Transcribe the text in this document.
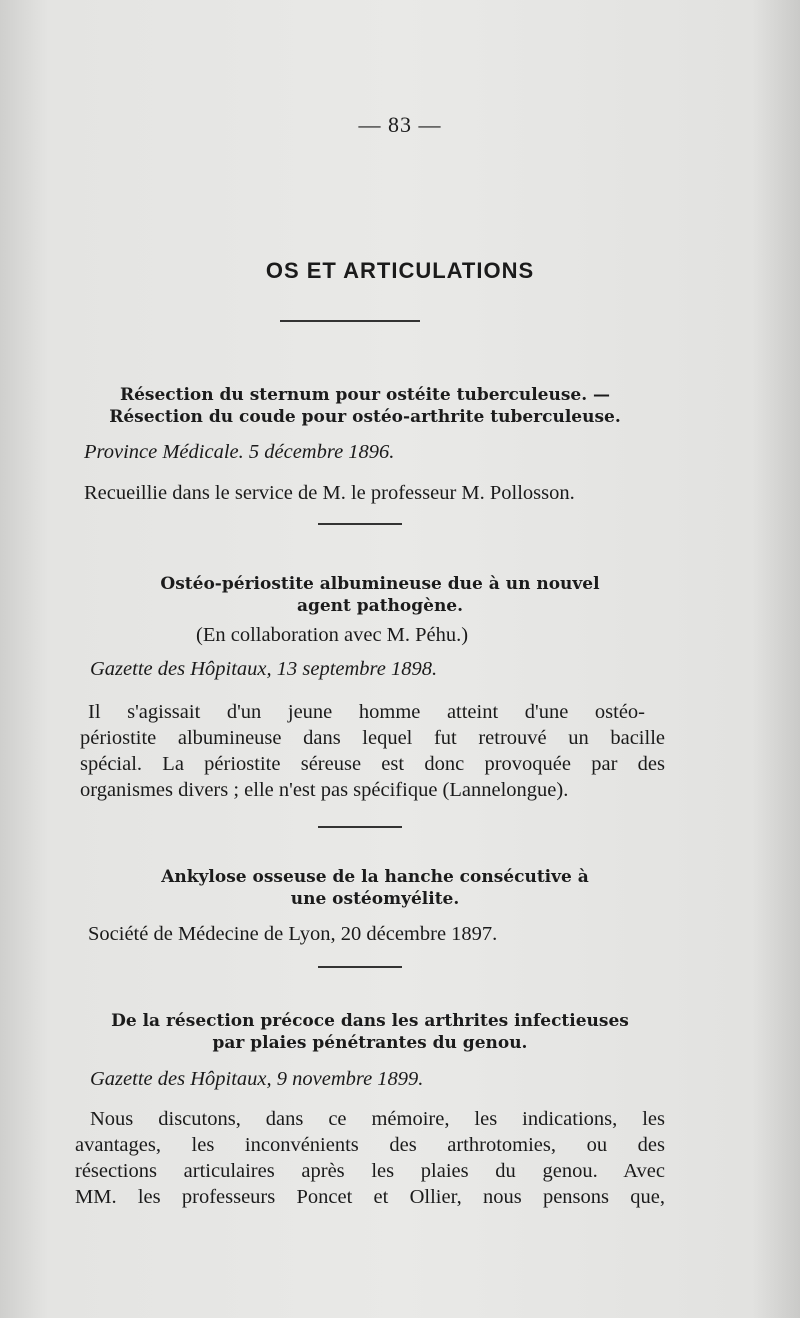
— 83 —
OS ET ARTICULATIONS
Résection du sternum pour ostéite tuberculeuse. —
Résection du coude pour ostéo-arthrite tuberculeuse.
Province Médicale. 5 décembre 1896.
Recueillie dans le service de M. le professeur M. Pollosson.
Ostéo-périostite albumineuse due à un nouvel
agent pathogène.
(En collaboration avec M. Péhu.)
Gazette des Hôpitaux, 13 septembre 1898.
Il s'agissait d'un jeune homme atteint d'une ostéo-
périostite albumineuse dans lequel fut retrouvé un bacille
spécial. La périostite séreuse est donc provoquée par des
organismes divers ; elle n'est pas spécifique (Lannelongue).
Ankylose osseuse de la hanche consécutive à
une ostéomyélite.
Société de Médecine de Lyon, 20 décembre 1897.
De la résection précoce dans les arthrites infectieuses
par plaies pénétrantes du genou.
Gazette des Hôpitaux, 9 novembre 1899.
Nous discutons, dans ce mémoire, les indications, les
avantages, les inconvénients des arthrotomies, ou des
résections articulaires après les plaies du genou. Avec
MM. les professeurs Poncet et Ollier, nous pensons que,
